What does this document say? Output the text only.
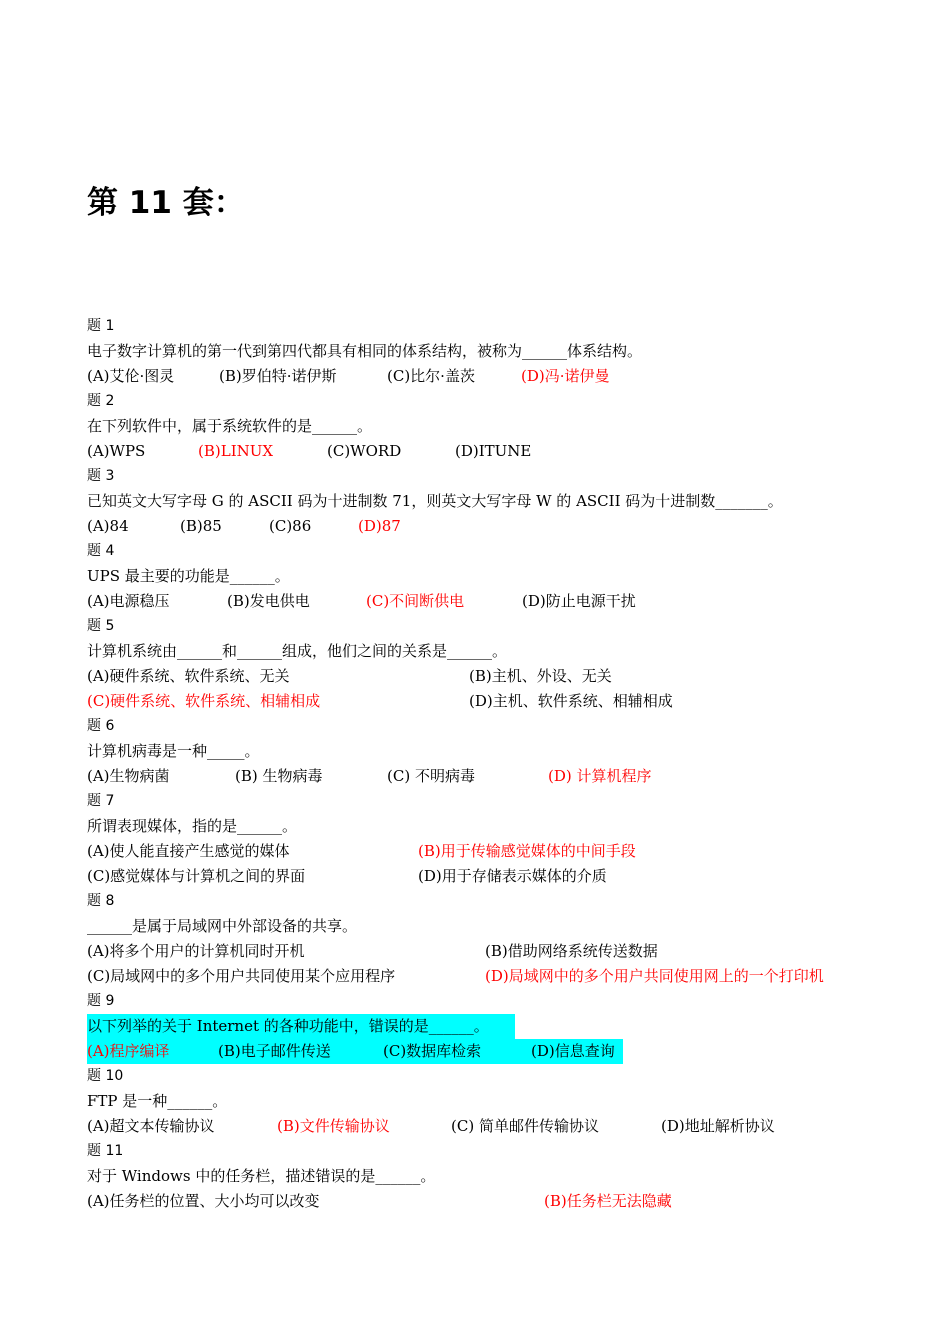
第 11 套：
题 1
电子数字计算机的第一代到第四代都具有相同的体系结构，被称为______体系结构。
(A)艾伦·图灵	(B)罗伯特·诺伊斯	(C)比尔·盖茨	(D)冯·诺伊曼
题 2
在下列软件中，属于系统软件的是______。
(A)WPS	(B)LINUX	(C)WORD	(D)ITUNE
题 3
已知英文大写字母 G 的 ASCII 码为十进制数 71，则英文大写字母 W 的 ASCII 码为十进制数_______。
(A)84	(B)85	(C)86	(D)87
题 4
UPS 最主要的功能是______。
(A)电源稳压	(B)发电供电	(C)不间断供电	(D)防止电源干扰
题 5
计算机系统由______和______组成，他们之间的关系是______。
(A)硬件系统、软件系统、无关	(B)主机、外设、无关
(C)硬件系统、软件系统、相辅相成	(D)主机、软件系统、相辅相成
题 6
计算机病毒是一种_____。
(A)生物病菌	(B) 生物病毒	(C) 不明病毒	(D) 计算机程序
题 7
所谓表现媒体，指的是______。
(A)使人能直接产生感觉的媒体	(B)用于传输感觉媒体的中间手段
(C)感觉媒体与计算机之间的界面	(D)用于存储表示媒体的介质
题 8
______是属于局域网中外部设备的共享。
(A)将多个用户的计算机同时开机	(B)借助网络系统传送数据
(C)局域网中的多个用户共同使用某个应用程序	(D)局域网中的多个用户共同使用网上的一个打印机
题 9
以下列举的关于 Internet 的各种功能中，错误的是______。
(A)程序编译	(B)电子邮件传送	(C)数据库检索	(D)信息查询
题 10
FTP 是一种______。
(A)超文本传输协议	(B)文件传输协议	(C) 简单邮件传输协议	(D)地址解析协议
题 11
对于 Windows 中的任务栏，描述错误的是______。
(A)任务栏的位置、大小均可以改变	(B)任务栏无法隐藏
